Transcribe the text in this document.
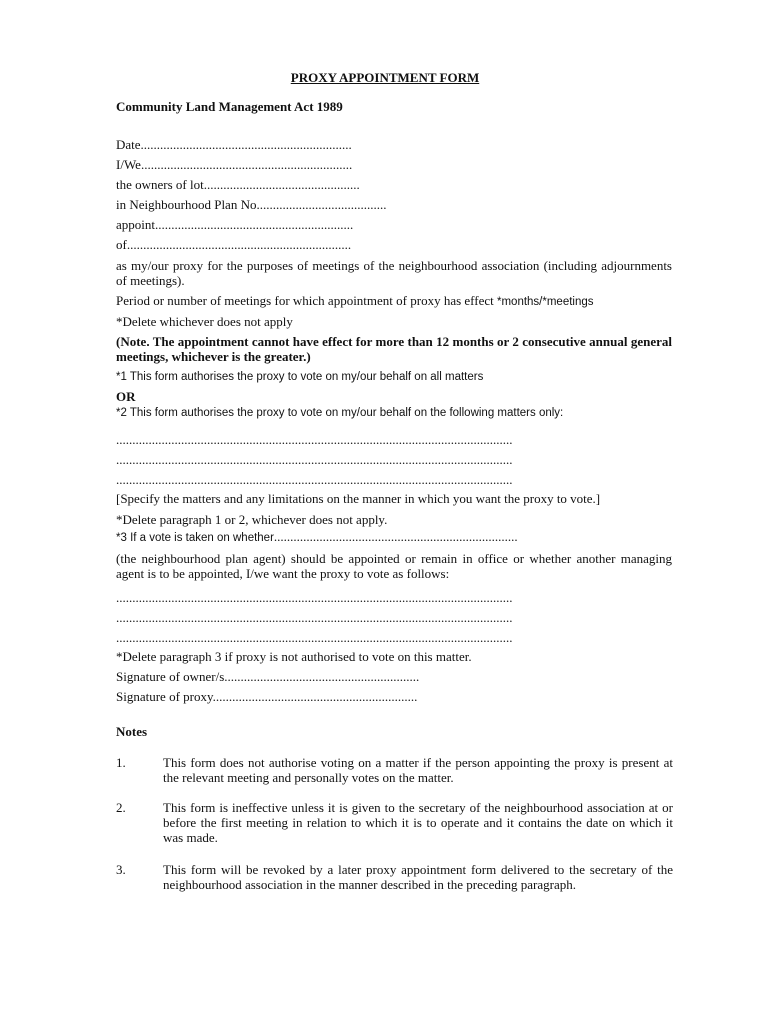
PROXY APPOINTMENT FORM
Community Land Management Act 1989
Date.................................................................
I/We.................................................................
the owners of lot................................................
in Neighbourhood Plan No........................................
appoint.............................................................
of.....................................................................
as my/our proxy for the purposes of meetings of the neighbourhood association (including adjournments of meetings).
Period or number of meetings for which appointment of proxy has effect *months/*meetings
*Delete whichever does not apply
(Note. The appointment cannot have effect for more than 12 months or 2 consecutive annual general meetings, whichever is the greater.)
*1 This form authorises the proxy to vote on my/our behalf on all matters
OR
*2 This form authorises the proxy to vote on my/our behalf on the following matters only:
..........................................................................................................................
..........................................................................................................................
..........................................................................................................................
[Specify the matters and any limitations on the manner in which you want the proxy to vote.]
*Delete paragraph 1 or 2, whichever does not apply.
*3 If a vote is taken on whether...........................................................................
(the neighbourhood plan agent) should be appointed or remain in office or whether another managing agent is to be appointed, I/we want the proxy to vote as follows:
..........................................................................................................................
..........................................................................................................................
..........................................................................................................................
*Delete paragraph 3 if proxy is not authorised to vote on this matter.
Signature of owner/s............................................................
Signature of proxy...............................................................
Notes
1.	This form does not authorise voting on a matter if the person appointing the proxy is present at the relevant meeting and personally votes on the matter.
2.	This form is ineffective unless it is given to the secretary of the neighbourhood association at or before the first meeting in relation to which it is to operate and it contains the date on which it was made.
3.	This form will be revoked by a later proxy appointment form delivered to the secretary of the neighbourhood association in the manner described in the preceding paragraph.
